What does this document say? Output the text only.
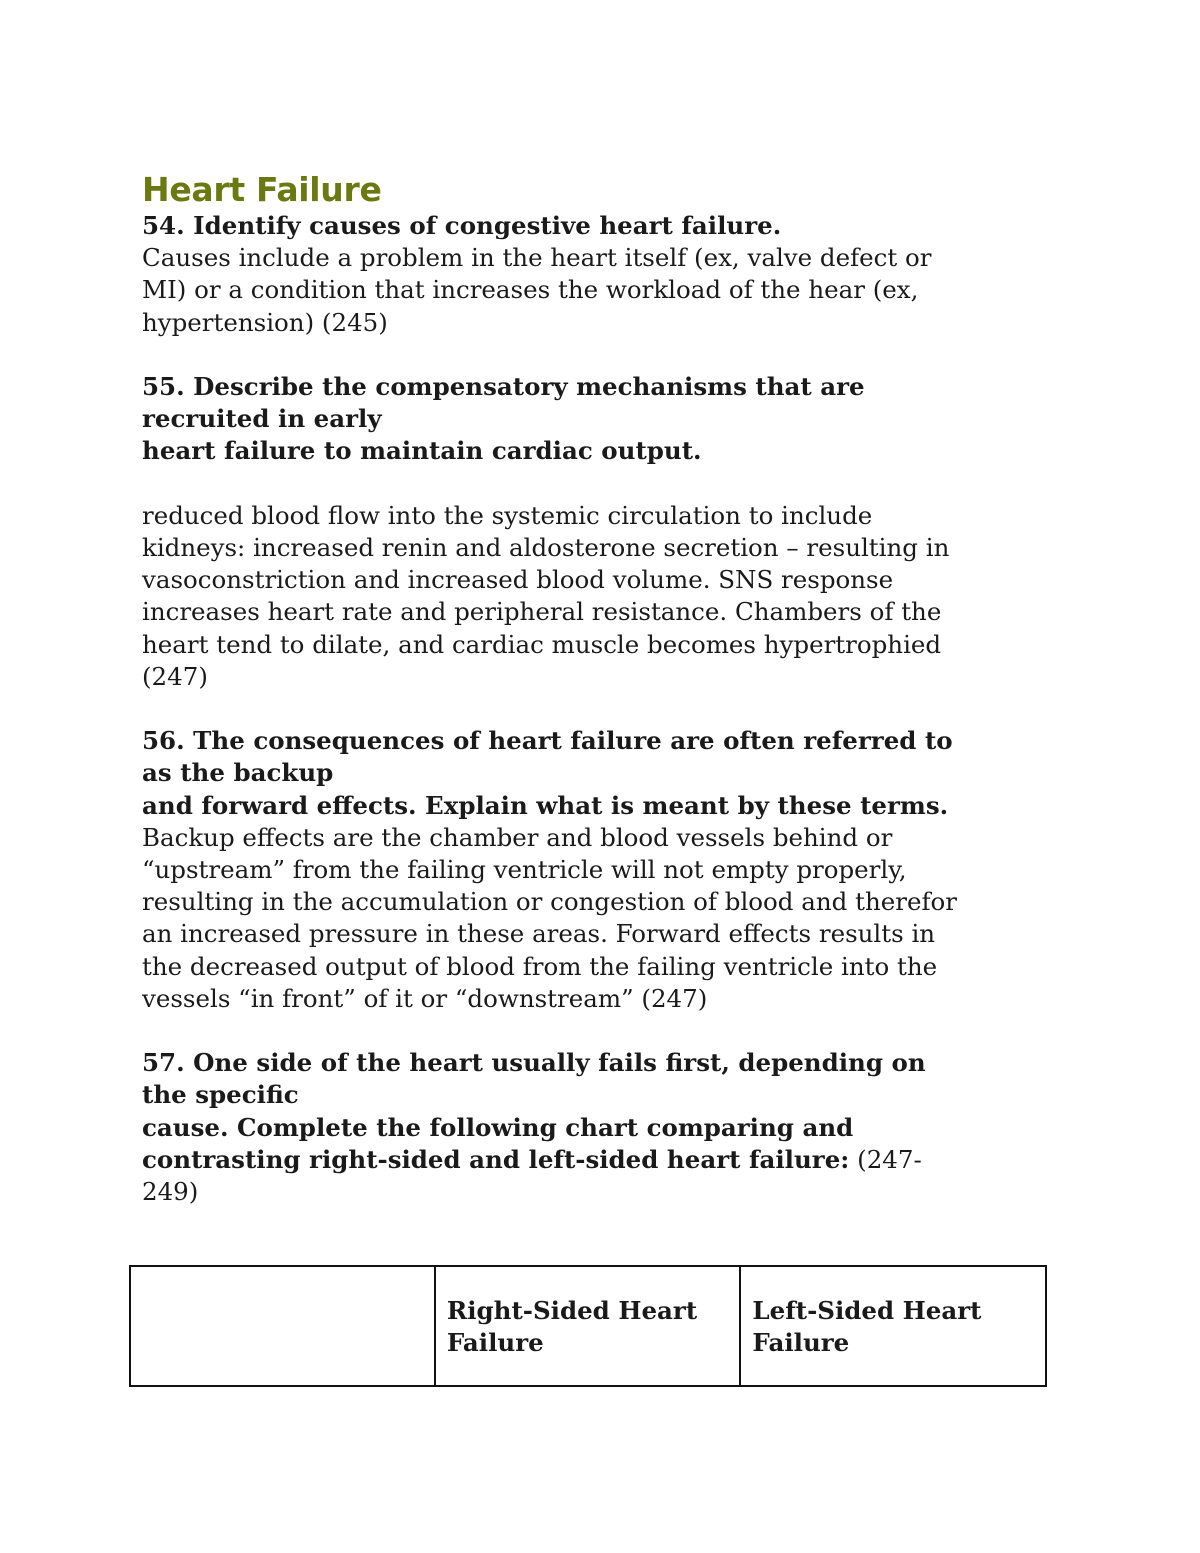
Heart Failure
54. Identify causes of congestive heart failure.
Causes include a problem in the heart itself (ex, valve defect or
MI) or a condition that increases the workload of the hear (ex,
hypertension) (245)
55. Describe the compensatory mechanisms that are
recruited in early
heart failure to maintain cardiac output.
reduced blood flow into the systemic circulation to include
kidneys: increased renin and aldosterone secretion – resulting in
vasoconstriction and increased blood volume. SNS response
increases heart rate and peripheral resistance. Chambers of the
heart tend to dilate, and cardiac muscle becomes hypertrophied
(247)
56. The consequences of heart failure are often referred to
as the backup
and forward effects. Explain what is meant by these terms.
Backup effects are the chamber and blood vessels behind or
“upstream” from the failing ventricle will not empty properly,
resulting in the accumulation or congestion of blood and therefor
an increased pressure in these areas. Forward effects results in
the decreased output of blood from the failing ventricle into the
vessels “in front” of it or “downstream” (247)
57. One side of the heart usually fails first, depending on
the specific
cause. Complete the following chart comparing and
contrasting right-sided and left-sided heart failure: (247-
249)
	Right-Sided Heart Failure	Left-Sided Heart Failure
